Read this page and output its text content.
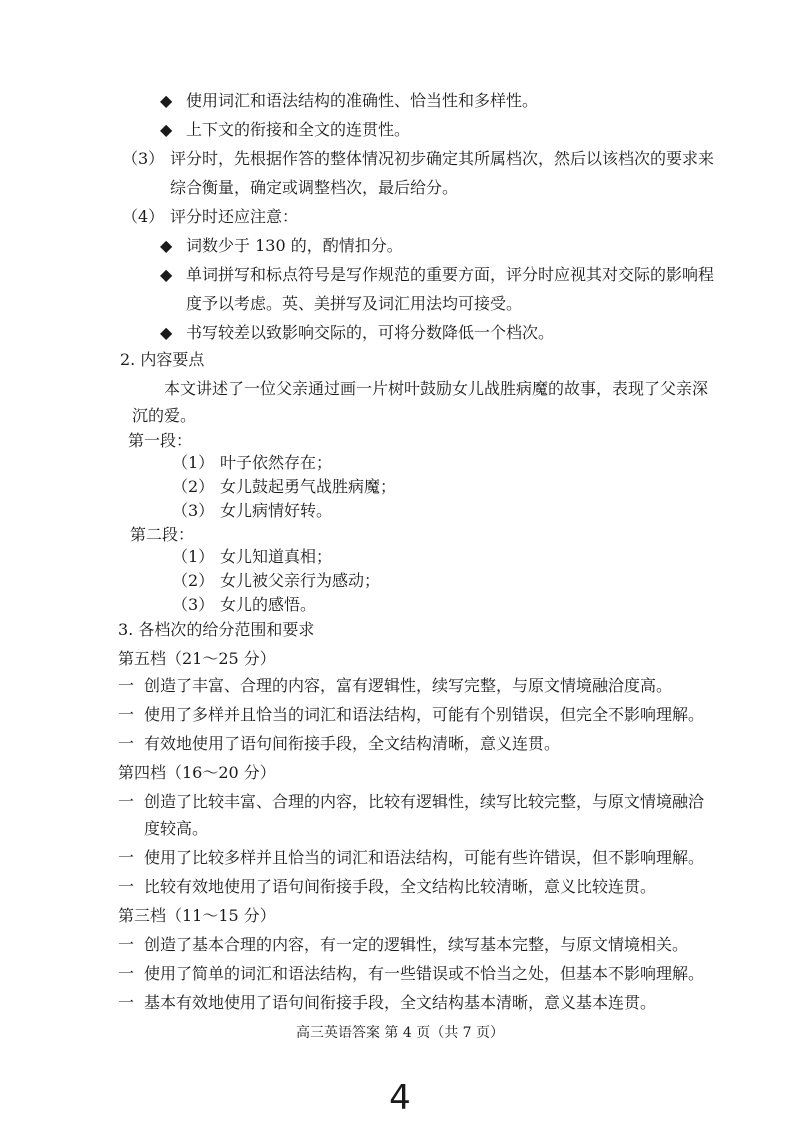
◆ 使用词汇和语法结构的准确性、恰当性和多样性。
◆ 上下文的衔接和全文的连贯性。
（3） 评分时，先根据作答的整体情况初步确定其所属档次，然后以该档次的要求来
综合衡量，确定或调整档次，最后给分。
（4） 评分时还应注意：
◆ 词数少于 130 的，酌情扣分。
◆ 单词拼写和标点符号是写作规范的重要方面，评分时应视其对交际的影响程
度予以考虑。英、美拼写及词汇用法均可接受。
◆ 书写较差以致影响交际的，可将分数降低一个档次。
2. 内容要点
本文讲述了一位父亲通过画一片树叶鼓励女儿战胜病魔的故事，表现了父亲深
沉的爱。
第一段：
（1） 叶子依然存在；
（2） 女儿鼓起勇气战胜病魔；
（3） 女儿病情好转。
第二段：
（1） 女儿知道真相；
（2） 女儿被父亲行为感动；
（3） 女儿的感悟。
3. 各档次的给分范围和要求
第五档（21～25 分）
一 创造了丰富、合理的内容，富有逻辑性，续写完整，与原文情境融洽度高。
一 使用了多样并且恰当的词汇和语法结构，可能有个别错误，但完全不影响理解。
一 有效地使用了语句间衔接手段，全文结构清晰，意义连贯。
第四档（16～20 分）
一 创造了比较丰富、合理的内容，比较有逻辑性，续写比较完整，与原文情境融洽
度较高。
一 使用了比较多样并且恰当的词汇和语法结构，可能有些许错误，但不影响理解。
一 比较有效地使用了语句间衔接手段，全文结构比较清晰，意义比较连贯。
第三档（11～15 分）
一 创造了基本合理的内容，有一定的逻辑性，续写基本完整，与原文情境相关。
一 使用了简单的词汇和语法结构，有一些错误或不恰当之处，但基本不影响理解。
一 基本有效地使用了语句间衔接手段，全文结构基本清晰，意义基本连贯。
高三英语答案 第 4 页（共 7 页）
4
